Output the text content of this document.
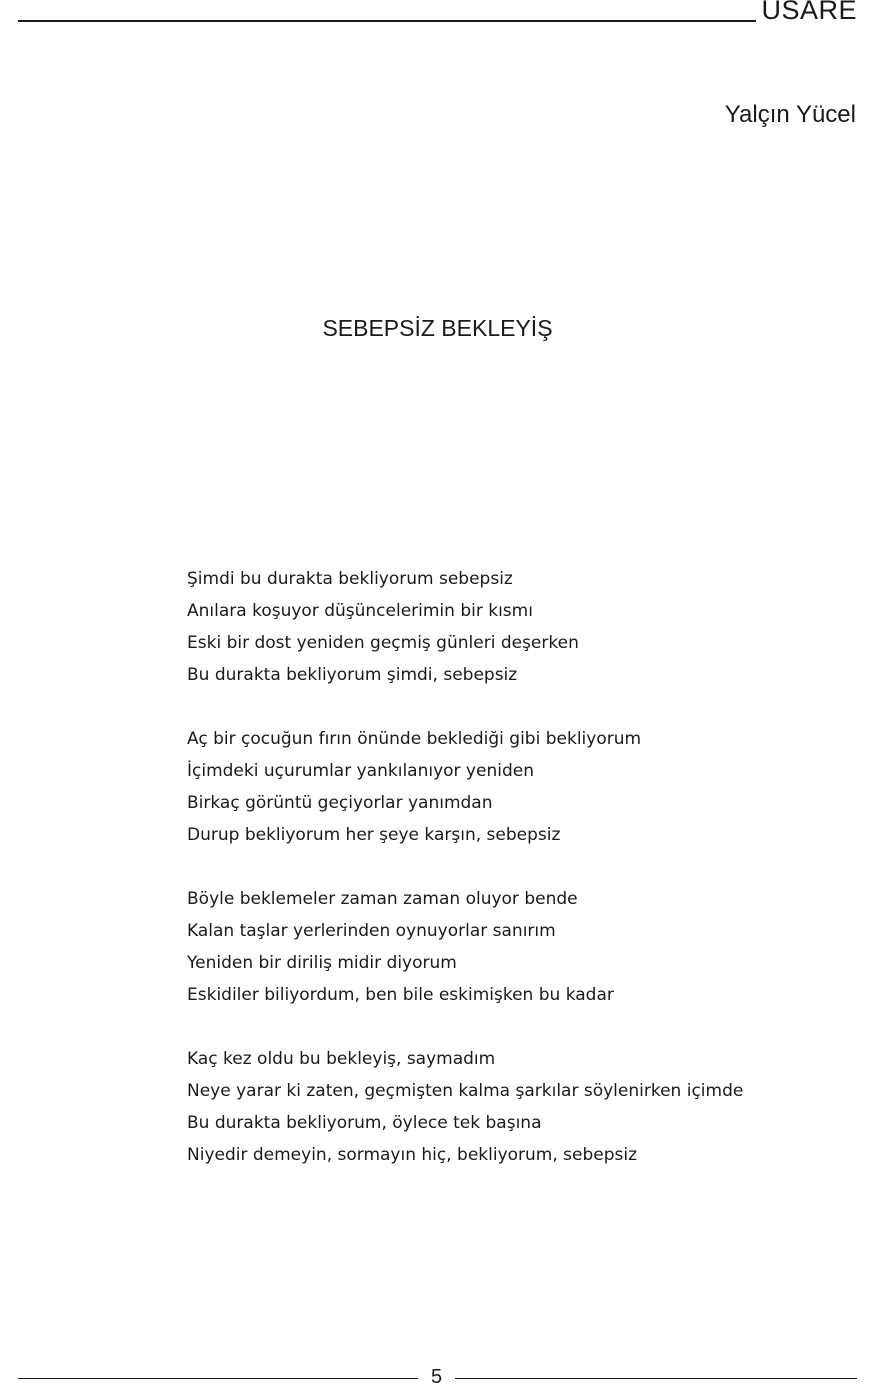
USARE
Yalçın Yücel
SEBEPSİZ BEKLEYİŞ
Şimdi bu durakta bekliyorum sebepsiz
Anılara koşuyor düşüncelerimin bir kısmı
Eski bir dost yeniden geçmiş günleri deşerken
Bu durakta bekliyorum şimdi, sebepsiz
Aç bir çocuğun fırın önünde beklediği gibi bekliyorum
İçimdeki uçurumlar yankılanıyor yeniden
Birkaç görüntü geçiyorlar yanımdan
Durup bekliyorum her şeye karşın, sebepsiz
Böyle beklemeler zaman zaman oluyor bende
Kalan taşlar yerlerinden oynuyorlar sanırım
Yeniden bir diriliş midir diyorum
Eskidiler biliyordum, ben bile eskimişken bu kadar
Kaç kez oldu bu bekleyiş, saymadım
Neye yarar ki zaten, geçmişten kalma şarkılar söylenirken içimde
Bu durakta bekliyorum, öylece tek başına
Niyedir demeyin, sormayın hiç, bekliyorum, sebepsiz
5
